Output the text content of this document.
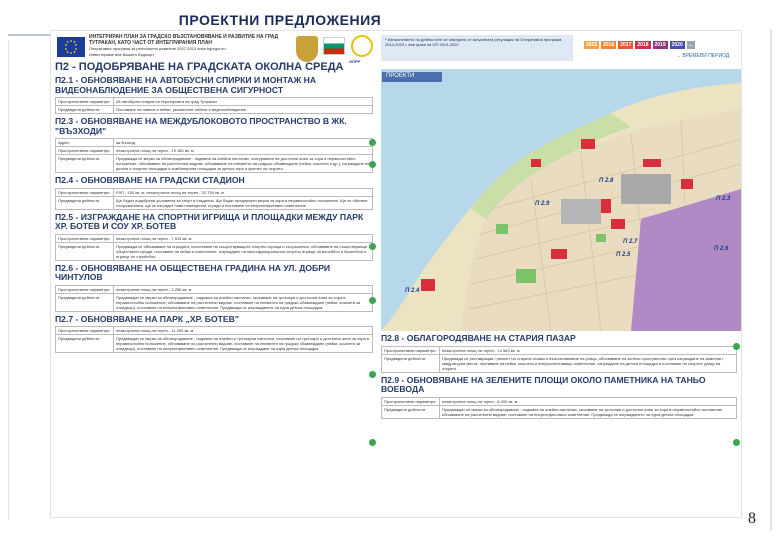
ПРОЕКТНИ ПРЕДЛОЖЕНИЯ
ИНТЕГРИРАН ПЛАН ЗА ГРАДСКО ВЪЗСТАНОВЯВАНЕ И РАЗВИТИЕ НА ГРАД
ТУТРАКАН, КАТО ЧАСТ ОТ ИНТЕГРИРАНИЯ ПЛАН
Оперативна програма за регионално развитие 2007-2013 www.bgregio.eu
Инвестираме във Вашето бъдеще!
ОПРР
* Изпълнението на дейностите се определя от актуалната регулация на Оперативна програма 2014-2020 г. във фаза на ОП 2014-2020	2015	2016	2017	2018	2019	2020	...
→ ВРЕМЕВИ ПЕРИОД
П2 - ПОДОБРЯВАНЕ НА ГРАДСКАТА ОКОЛНА СРЕДА
П2.1 - ОБНОВЯВАНЕ НА АВТОБУСНИ СПИРКИ И МОНТАЖ НА ВИДЕОНАБЛЮДЕНИЕ ЗА ОБЩЕСТВЕНА СИГУРНОСТ
Пространствени параметри	28 автобусни спирки на територията на град Тутракан
Предвидени дейности	Поставяне на навеси и пейки, указателни табели и видеонаблюдение.
П2.3 - ОБНОВЯВАНЕ НА МЕЖДУБЛОКОВОТО ПРОСТРАНСТВО В ЖК. "ВЪЗХОДИ"
Адрес	жк Възход
Пространствени параметри	незастроена площ на терен - 19 180 кв. м
Предвидени дейности	Предвижда се мерки за облагородяване - подмяна на алейни настилки, осигуряване на достъпни алеи за хора в неравностойно положение, обновяване на растителни видове, обновяване на елементи на градско обзавеждане (пейки, кошчета и др.), изграждане на детски и спортни площадки и комбинирани площадки за детска игра и фитнес на открито.
П2.4 - ОБНОВЯВАНЕ НА ГРАДСКИ СТАДИОН
Пространствени параметри	РЗП - 150 кв. м; незастроена площ на терен - 22 750 кв. м
Предвидени дейности	Ще бъдат подобрени условията за спорт в стадиона. Ще бъдат предприети мерки за хора в неравностойно положение. Ще се обновят съоръженията, ще се изградят нови помещения, сгради и поставяне на енергоефективно осветление.
П2.5 - ИЗГРАЖДАНЕ НА СПОРТНИ ИГРИЩА И ПЛОЩАДКИ МЕЖДУ ПАРК ХР. БОТЕВ И СОУ ХР. БОТЕВ
Пространствени параметри	незастроена площ на терен - 7 513 кв. м
Предвидени дейности	Предвижда се обновяване на оградата, почистване на съществуващите спортни игрища и съоръжения, обновяване на съществуващи обществени сгради, поставяне на пейки и осветление, изграждане на многофункционално спортно игрище за волейбол и баскетбол и игрище по стрийтбол.
П2.6 - ОБНОВЯВАНЕ НА ОБЩЕСТВЕНА ГРАДИНА НА УЛ. ДОБРИ ЧИНТУЛОВ
Пространствени параметри	незастроена площ на терен - 3 255 кв. м
Предвидени дейности	Предвиждат се мерки за облагородяване - подмяна на алейни настилки, скосяване на тротоари и достъпни алеи за хора в неравностойно положение, обновяване на растителни видове, поставяне на елементи на градско обзавеждане (пейки, кошчета за отпадъци), поставяне на енергоефективно осветление. Предвижда се изграждането на една детска площадка.
П2.7 - ОБНОВЯВАНЕ НА ПАРК „ХР. БОТЕВ"
Пространствени параметри	незастроена площ на терен - 11 290 кв. м
Предвидени дейности	Предвиждат се мерки за облагородяване - подмяна на алейни и тротоарни настилки, скосяване на тротоари и достъпни алеи за хора в неравностойно положение, обновяване на растителни видове, поставяне на елементи на градско обзавеждане (пейки, кошчета за отпадъци), поставяне на енергоефективно осветление. Предвижда се изграждане на една детска площадка.
ПРОЕКТИ
П 2.8
П 2.9
П 2.3
П 2.7
П 2.5
П 2.6
П 2.4
П2.8 - ОБЛАГОРОДЯВАНЕ НА СТАРИЯ ПАЗАР
Пространствени параметри	незастроена площ на терен - 14 563 кв. м
Предвидени дейности	Предвижда се реставрация / ремонт на старата чешма и възстановяване на улица, обновяване на зелено пространство чрез изграждане на каменни / квадратурни места, поставяне на пейки, кошчета и енергоспестяващо осветление, изграждане на детска площадка и поставяне на спортни уреди на открито.
П2.9 - ОБНОВЯВАНЕ НА ЗЕЛЕНИТЕ ПЛОЩИ ОКОЛО ПАМЕТНИКА НА ТАНЬО ВОЕВОДА
Пространствени параметри	незастроена площ на терен - 6 200 кв. м
Предвидени дейности	Предвиждат се мерки за облагородяване - подмяна на алейни настилки, скосяване на тротоари и достъпни алеи за хора в неравностойно положение, обновяване на растителни видове, поставяне на енергоефективно осветление. Предвижда се изграждането на една детска площадка.
8
